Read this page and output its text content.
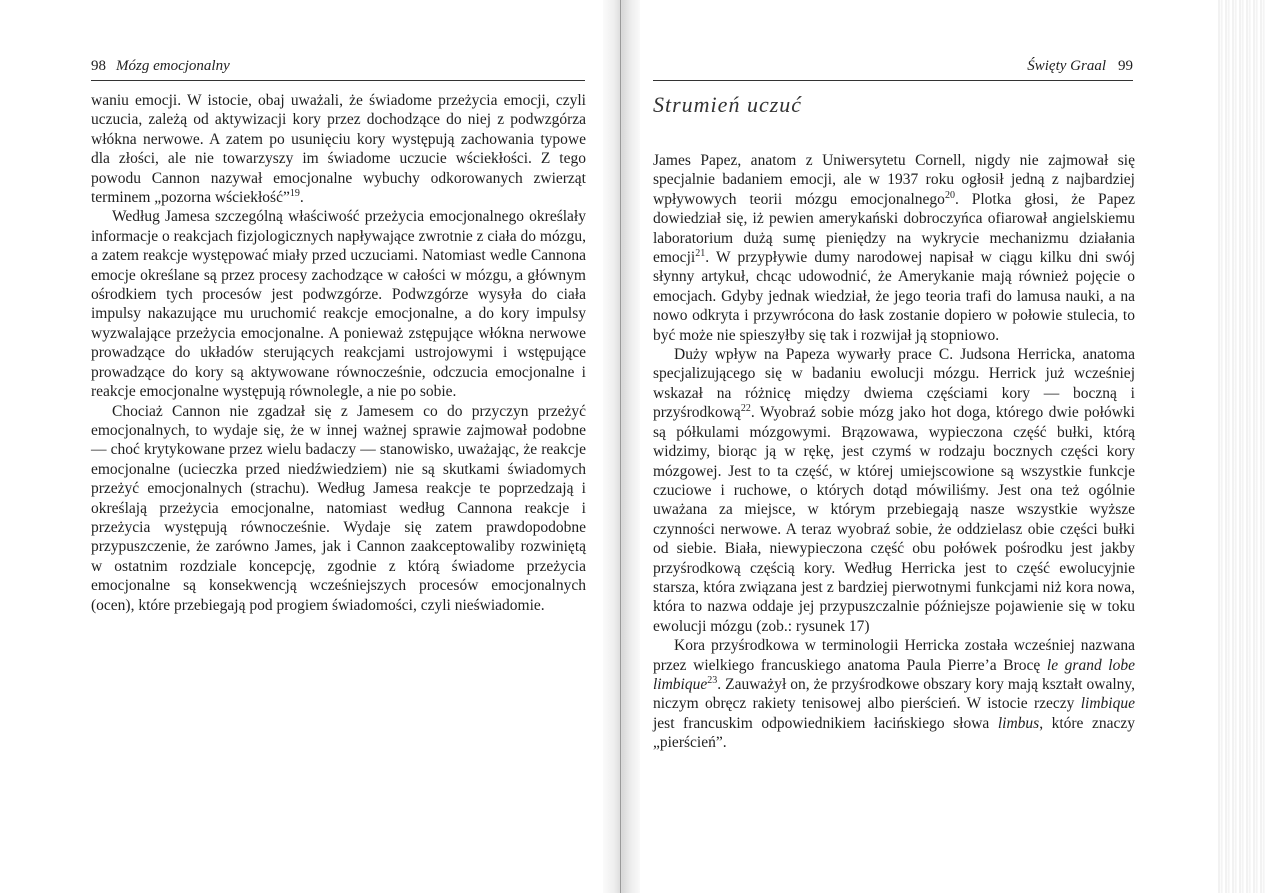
98 Mózg emocjonalny

waniu emocji. W istocie, obaj uważali, że świadome przeżycia emocji, czyli uczucia, zależą od aktywizacji kory przez dochodzące do niej z podwzgórza włókna nerwowe. A zatem po usunięciu kory występują zachowania typowe dla złości, ale nie towarzyszy im świadome uczucie wściekłości. Z tego powodu Cannon nazywał emocjonalne wybuchy odkorowanych zwierząt terminem „pozorna wściekłość”$^{19}$.

Według Jamesa szczególną właściwość przeżycia emocjonalnego określały informacje o reakcjach fizjologicznych napływające zwrotnie z ciała do mózgu, a zatem reakcje występować miały przed uczuciami. Natomiast wedle Cannona emocje określane są przez procesy zachodzące w całości w mózgu, a głównym ośrodkiem tych procesów jest podwzgórze. Podwzgórze wysyła do ciała impulsy nakazujące mu uruchomić reakcje emocjonalne, a do kory impulsy wyzwalające przeżycia emocjonalne. A ponieważ zstępujące włókna nerwowe prowadzące do układów sterujących reakcjami ustrojowymi i wstępujące prowadzące do kory są aktywowane równocześnie, odczucia emocjonalne i reakcje emocjonalne występują równolegle, a nie po sobie.

Chociaż Cannon nie zgadzał się z Jamesem co do przyczyn przeżyć emocjonalnych, to wydaje się, że w innej ważnej sprawie zajmował podobne — choć krytykowane przez wielu badaczy — stanowisko, uważając, że reakcje emocjonalne (ucieczka przed niedźwiedziem) nie są skutkami świadomych przeżyć emocjonalnych (strachu). Według Jamesa reakcje te poprzedzają i określają przeżycia emocjonalne, natomiast według Cannona reakcje i przeżycia występują równocześnie. Wydaje się zatem prawdopodobne przypuszczenie, że zarówno James, jak i Cannon zaakceptowaliby rozwiniętą w ostatnim rozdziale koncepcję, zgodnie z którą świadome przeżycia emocjonalne są konsekwencją wcześniejszych procesów emocjonalnych (ocen), które przebiegają pod progiem świadomości, czyli nieświadomie.

Święty Graal 99
Strumień uczuć

James Papez, anatom z Uniwersytetu Cornell, nigdy nie zajmował się specjalnie badaniem emocji, ale w 1937 roku ogłosił jedną z najbardziej wpływowych teorii mózgu emocjonalnego$^{20}$. Plotka głosi, że Papez dowiedział się, iż pewien amerykański dobroczyńca ofiarował angielskiemu laboratorium dużą sumę pieniędzy na wykrycie mechanizmu działania emocji$^{21}$. W przypływie dumy narodowej napisał w ciągu kilku dni swój słynny artykuł, chcąc udowodnić, że Amerykanie mają również pojęcie o emocjach. Gdyby jednak wiedział, że jego teoria trafi do lamusa nauki, a na nowo odkryta i przywrócona do łask zostanie dopiero w połowie stulecia, to być może nie spieszyłby się tak i rozwijał ją stopniowo.

Duży wpływ na Papeza wywarły prace C. Judsona Herricka, anatoma specjalizującego się w badaniu ewolucji mózgu. Herrick już wcześniej wskazał na różnicę między dwiema częściami kory — boczną i przyśrodkową$^{22}$. Wyobraź sobie mózg jako hot doga, którego dwie połówki są półkulami mózgowymi. Brązowawa, wypieczona część bułki, którą widzimy, biorąc ją w rękę, jest czymś w rodzaju bocznych części kory mózgowej. Jest to ta część, w której umiejscowione są wszystkie funkcje czuciowe i ruchowe, o których dotąd mówiliśmy. Jest ona też ogólnie uważana za miejsce, w którym przebiegają nasze wszystkie wyższe czynności nerwowe. A teraz wyobraź sobie, że oddzielasz obie części bułki od siebie. Biała, niewypieczona część obu połówek pośrodku jest jakby przyśrodkową częścią kory. Według Herricka jest to część ewolucyjnie starsza, która związana jest z bardziej pierwotnymi funkcjami niż kora nowa, która to nazwa oddaje jej przypuszczalnie późniejsze pojawienie się w toku ewolucji mózgu (zob.: rysunek 17)

Kora przyśrodkowa w terminologii Herricka została wcześniej nazwana przez wielkiego francuskiego anatoma Paula Pierre’a Brocę le grand lobe limbique$^{23}$. Zauważył on, że przyśrodkowe obszary kory mają kształt owalny, niczym obręcz rakiety tenisowej albo pierścień. W istocie rzeczy limbique jest francuskim odpowiednikiem łacińskiego słowa limbus, które znaczy „pierścień”.
